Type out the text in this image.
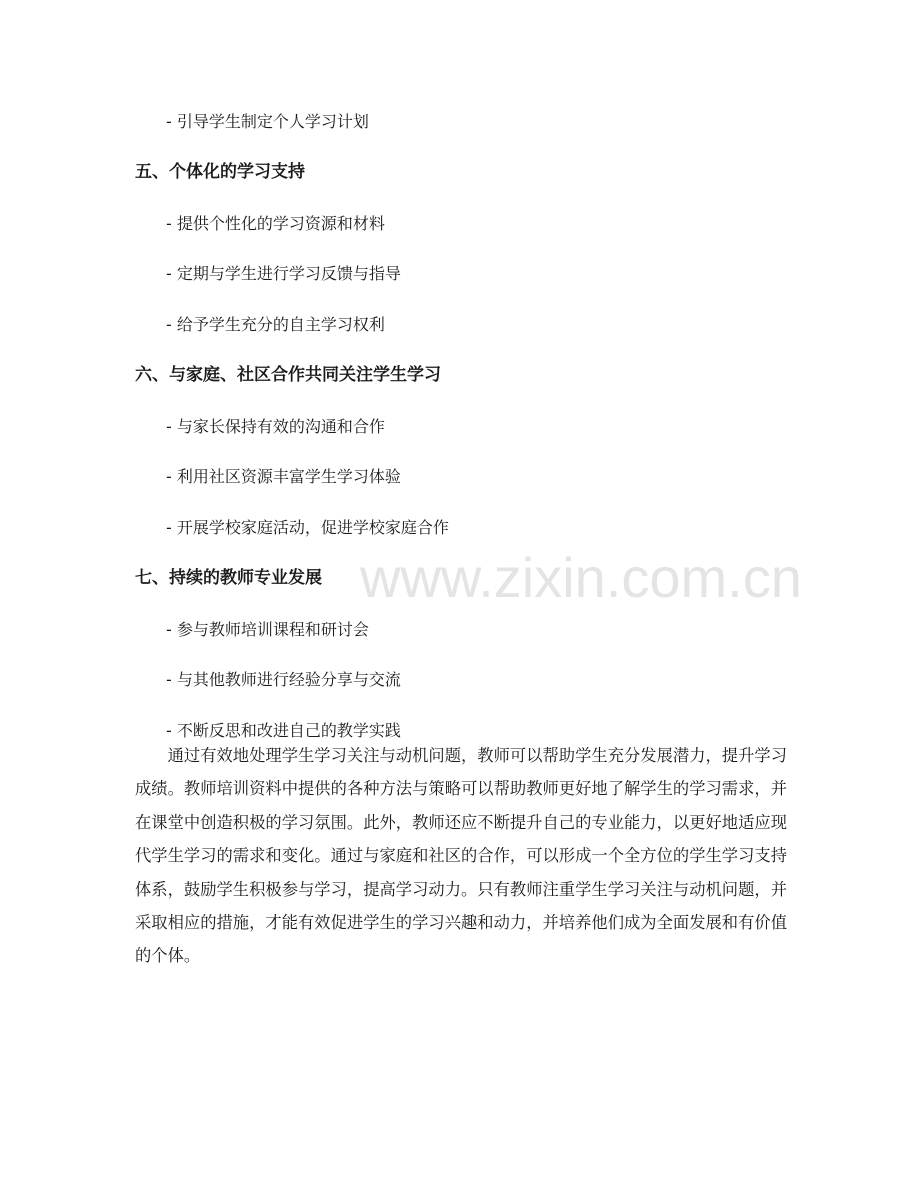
www.zixin.com.cn
- 引导学生制定个人学习计划
五、个体化的学习支持
- 提供个性化的学习资源和材料
- 定期与学生进行学习反馈与指导
- 给予学生充分的自主学习权利
六、与家庭、社区合作共同关注学生学习
- 与家长保持有效的沟通和合作
- 利用社区资源丰富学生学习体验
- 开展学校家庭活动，促进学校家庭合作
七、持续的教师专业发展
- 参与教师培训课程和研讨会
- 与其他教师进行经验分享与交流
- 不断反思和改进自己的教学实践

通过有效地处理学生学习关注与动机问题，教师可以帮助学生充分发展潜力，提升学习成绩。教师培训资料中提供的各种方法与策略可以帮助教师更好地了解学生的学习需求，并在课堂中创造积极的学习氛围。此外，教师还应不断提升自己的专业能力，以更好地适应现代学生学习的需求和变化。通过与家庭和社区的合作，可以形成一个全方位的学生学习支持体系，鼓励学生积极参与学习，提高学习动力。只有教师注重学生学习关注与动机问题，并采取相应的措施，才能有效促进学生的学习兴趣和动力，并培养他们成为全面发展和有价值的个体。
